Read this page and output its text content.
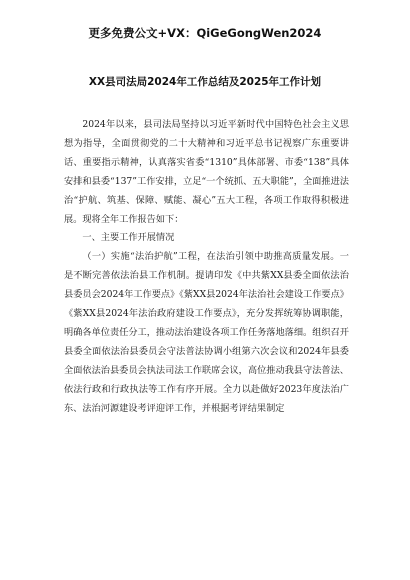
更多免费公文+VX：QiGeGongWen2024
XX县司法局2024年工作总结及2025年工作计划

2024年以来，县司法局坚持以习近平新时代中国特色社会主义思想为指导，全面贯彻党的二十大精神和习近平总书记视察广东重要讲话、重要指示精神，认真落实省委“1310”具体部署、市委“138”具体安排和县委“137”工作安排，立足“一个统抓、五大职能”，全面推进法治“护航、筑基、保障、赋能、凝心”五大工程，各项工作取得积极进展。现将全年工作报告如下：

一、主要工作开展情况

（一）实施“法治护航”工程，在法治引领中助推高质量发展。一是不断完善依法治县工作机制。提请印发《中共紫XX县委全面依法治县委员会2024年工作要点》《紫XX县2024年法治社会建设工作要点》《紫XX县2024年法治政府建设工作要点》，充分发挥统筹协调职能，明确各单位责任分工，推动法治建设各项工作任务落地落细。组织召开县委全面依法治县委员会守法普法协调小组第六次会议和2024年县委全面依法治县委员会执法司法工作联席会议，高位推动我县守法普法、依法行政和行政执法等工作有序开展。全力以赴做好2023年度法治广东、法治河源建设考评迎评工作，并根据考评结果制定
